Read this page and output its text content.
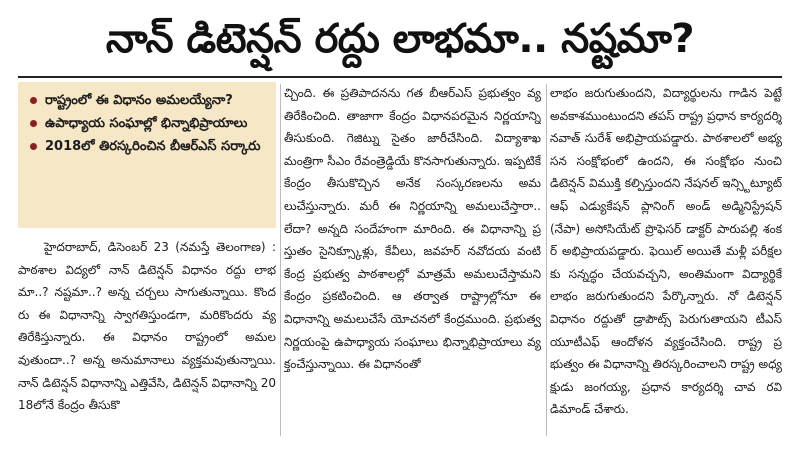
నాన్ డిటెన్షన్ రద్దు లాభమా.. నష్టమా?
రాష్ట్రంలో ఈ విధానం అమలయ్యేనా?
ఉపాధ్యాయ సంఘాల్లో భిన్నాభిప్రాయాలు
2018లో తిరస్కరించిన బీఆర్ఎస్ సర్కారు

హైదరాబాద్, డిసెంబర్ 23 (నమస్తే తెలంగాణ) : పాఠశాల విద్యలో నాన్ డిటెన్షన్ విధానం రద్దు లాభమా..? నష్టమా..? అన్న చర్చలు సాగుతున్నాయి. కొందరు ఈ విధానాన్ని స్వాగతిస్తుండగా, మరికొందరు వ్యతిరేకిస్తున్నారు. ఈ విధానం రాష్ట్రంలో అమలవుతుందా..? అన్న అనుమానాలు వ్యక్తమవుతున్నాయి. నాన్ డిటెన్షన్ విధానాన్ని ఎత్తివేసి, డిటెన్షన్ విధానాన్ని 2018లోనే కేంద్రం తీసుకొ

చ్చింది. ఈ ప్రతిపాదనను గత బీఆర్ఎస్ ప్రభుత్వం వ్యతిరేకించింది. తాజాగా కేంద్రం విధానపరమైన నిర్ణయాన్ని తీసుకుంది. గెజిట్ను సైతం జారీచేసింది. విద్యాశాఖ మంత్రిగా సీఎం రేవంత్రెడ్డియే కొనసాగుతున్నారు. ఇప్పటికే కేంద్రం తీసుకొచ్చిన అనేక సంస్కరణలను అమలుచేస్తున్నారు. మరీ ఈ నిర్ణయాన్ని అమలుచేస్తారా.. లేదా? అన్నది సందేహంగా మారింది. ఈ విధానాన్ని ప్రస్తుతం సైనిక్స్కూళ్లు, కేవీలు, జవహర్ నవోదయ వంటి కేంద్ర ప్రభుత్వ పాఠశాలల్లో మాత్రమే అమలుచేస్తామని కేంద్రం ప్రకటించింది. ఆ తర్వాత రాష్ట్రాల్లోనూ ఈ విధానాన్ని అమలుచేసే యోచనలో కేంద్రముంది. ప్రభుత్వ నిర్ణయంపై ఉపాధ్యాయ సంఘాలు భిన్నాభిప్రాయాలు వ్యక్తంచేస్తున్నాయి. ఈ విధానంతో

లాభం జరుగుతుందని, విద్యార్థులను గాడిన పెట్టే అవకాశముంటుందని తపస్ రాష్ట్ర ప్రధాన కార్యదర్శి నవాత్ సురేశ్ అభిప్రాయపడ్డారు. పాఠశాలలో అభ్యసన సంక్షోభంలో ఉందని, ఈ సంక్షోభం నుంచి డిటెన్షన్ విముక్తి కల్పిస్తుందని నేషనల్ ఇన్స్టిట్యూట్ ఆఫ్ ఎడ్యుకేషన్ ప్లానింగ్ అండ్ అడ్మినిస్ట్రేషన్ (నేపా) అసోసియేట్ ప్రొఫెసర్ డాక్టర్ పారుపల్లి శంకర్ అభిప్రాయపడ్డారు. ఫెయిల్ అయితే మళ్లీ పరీక్షలకు సన్నద్ధం చేయవచ్చని, అంతిమంగా విద్యార్థికే లాభం జరుగుతుందని పేర్కొన్నారు. నో డిటెన్షన్ విధానం రద్దుతో డ్రాపౌట్స్ పెరుగుతాయని టీఎస్ యూటీఎఫ్ ఆందోళన వ్యక్తంచేసింది. రాష్ట్ర ప్రభుత్వం ఈ విధానాన్ని తిరస్కరించాలని రాష్ట్ర అధ్యక్షుడు జంగయ్య, ప్రధాన కార్యదర్శి చావ రవి డిమాండ్ చేశారు.
